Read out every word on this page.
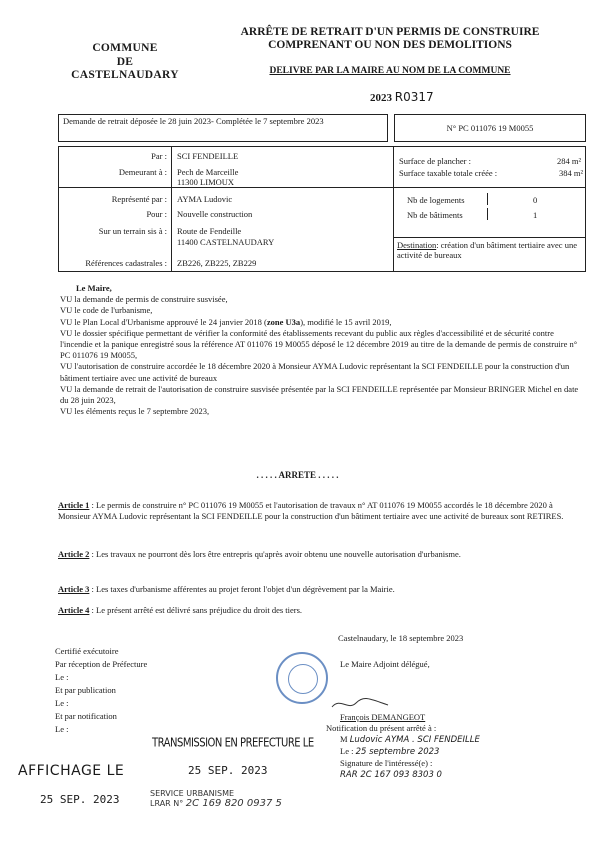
COMMUNE
DE
CASTELNAUDARY
ARRÊTE DE RETRAIT D'UN PERMIS DE CONSTRUIRE
COMPRENANT OU NON DES DEMOLITIONS
DELIVRE PAR LA MAIRE AU NOM DE LA COMMUNE
2023 R0317
Demande de retrait déposée le 28 juin 2023- Complétée le 7 septembre 2023
N° PC 011076 19 M0055
Par : SCI FENDEILLE
Demeurant à : Pech de Marceille
11300 LIMOUX
Représenté par : AYMA Ludovic
Pour : Nouvelle construction
Sur un terrain sis à : Route de Fendeille
11400 CASTELNAUDARY
Références cadastrales : ZB226, ZB225, ZB229
Surface de plancher :	284 m²
Surface taxable totale créée :	384 m²
Nb de logements	0
Nb de bâtiments	1
Destination: création d'un bâtiment tertiaire avec une activité de bureaux

Le Maire,

VU la demande de permis de construire susvisée,

VU le code de l'urbanisme,

VU le Plan Local d'Urbanisme approuvé le 24 janvier 2018 (zone U3a), modifié le 15 avril 2019,

VU le dossier spécifique permettant de vérifier la conformité des établissements recevant du public aux règles d'accessibilité et de sécurité contre l'incendie et la panique enregistré sous la référence AT 011076 19 M0055 déposé le 12 décembre 2019 au titre de la demande de permis de construire n° PC 011076 19 M0055,

VU l'autorisation de construire accordée le 18 décembre 2020 à Monsieur AYMA Ludovic représentant la SCI FENDEILLE pour la construction d'un bâtiment tertiaire avec une activité de bureaux

VU la demande de retrait de l'autorisation de construire susvisée présentée par la SCI FENDEILLE représentée par Monsieur BRINGER Michel en date du 28 juin 2023,

VU les éléments reçus le 7 septembre 2023,

. . . . . ARRETE . . . . .
Article 1 : Le permis de construire n° PC 011076 19 M0055 et l'autorisation de travaux n° AT 011076 19 M0055 accordés le 18 décembre 2020 à Monsieur AYMA Ludovic représentant la SCI FENDEILLE pour la construction d'un bâtiment tertiaire avec une activité de bureaux sont RETIRES.
Article 2 : Les travaux ne pourront dès lors être entrepris qu'après avoir obtenu une nouvelle autorisation d'urbanisme.
Article 3 : Les taxes d'urbanisme afférentes au projet feront l'objet d'un dégrèvement par la Mairie.
Article 4 : Le présent arrêté est délivré sans préjudice du droit des tiers.
Certifié exécutoire
Par réception de Préfecture
Le :
Et par publication
Le :
Et par notification
Le :
Castelnaudary, le 18 septembre 2023
Le Maire Adjoint délégué,
François DEMANGEOT
Notification du présent arrêté à :
M Ludovic AYMA . SCI FENDEILLE
Le : 25 septembre 2023
Signature de l'intéressé(e) :
RAR 2C 167 093 8303 0
TRANSMISSION EN PREFECTURE LE
25 SEP. 2023
AFFICHAGE LE
25 SEP. 2023	SERVICE URBANISME
LRAR N° 2C 169 820 0937 5
